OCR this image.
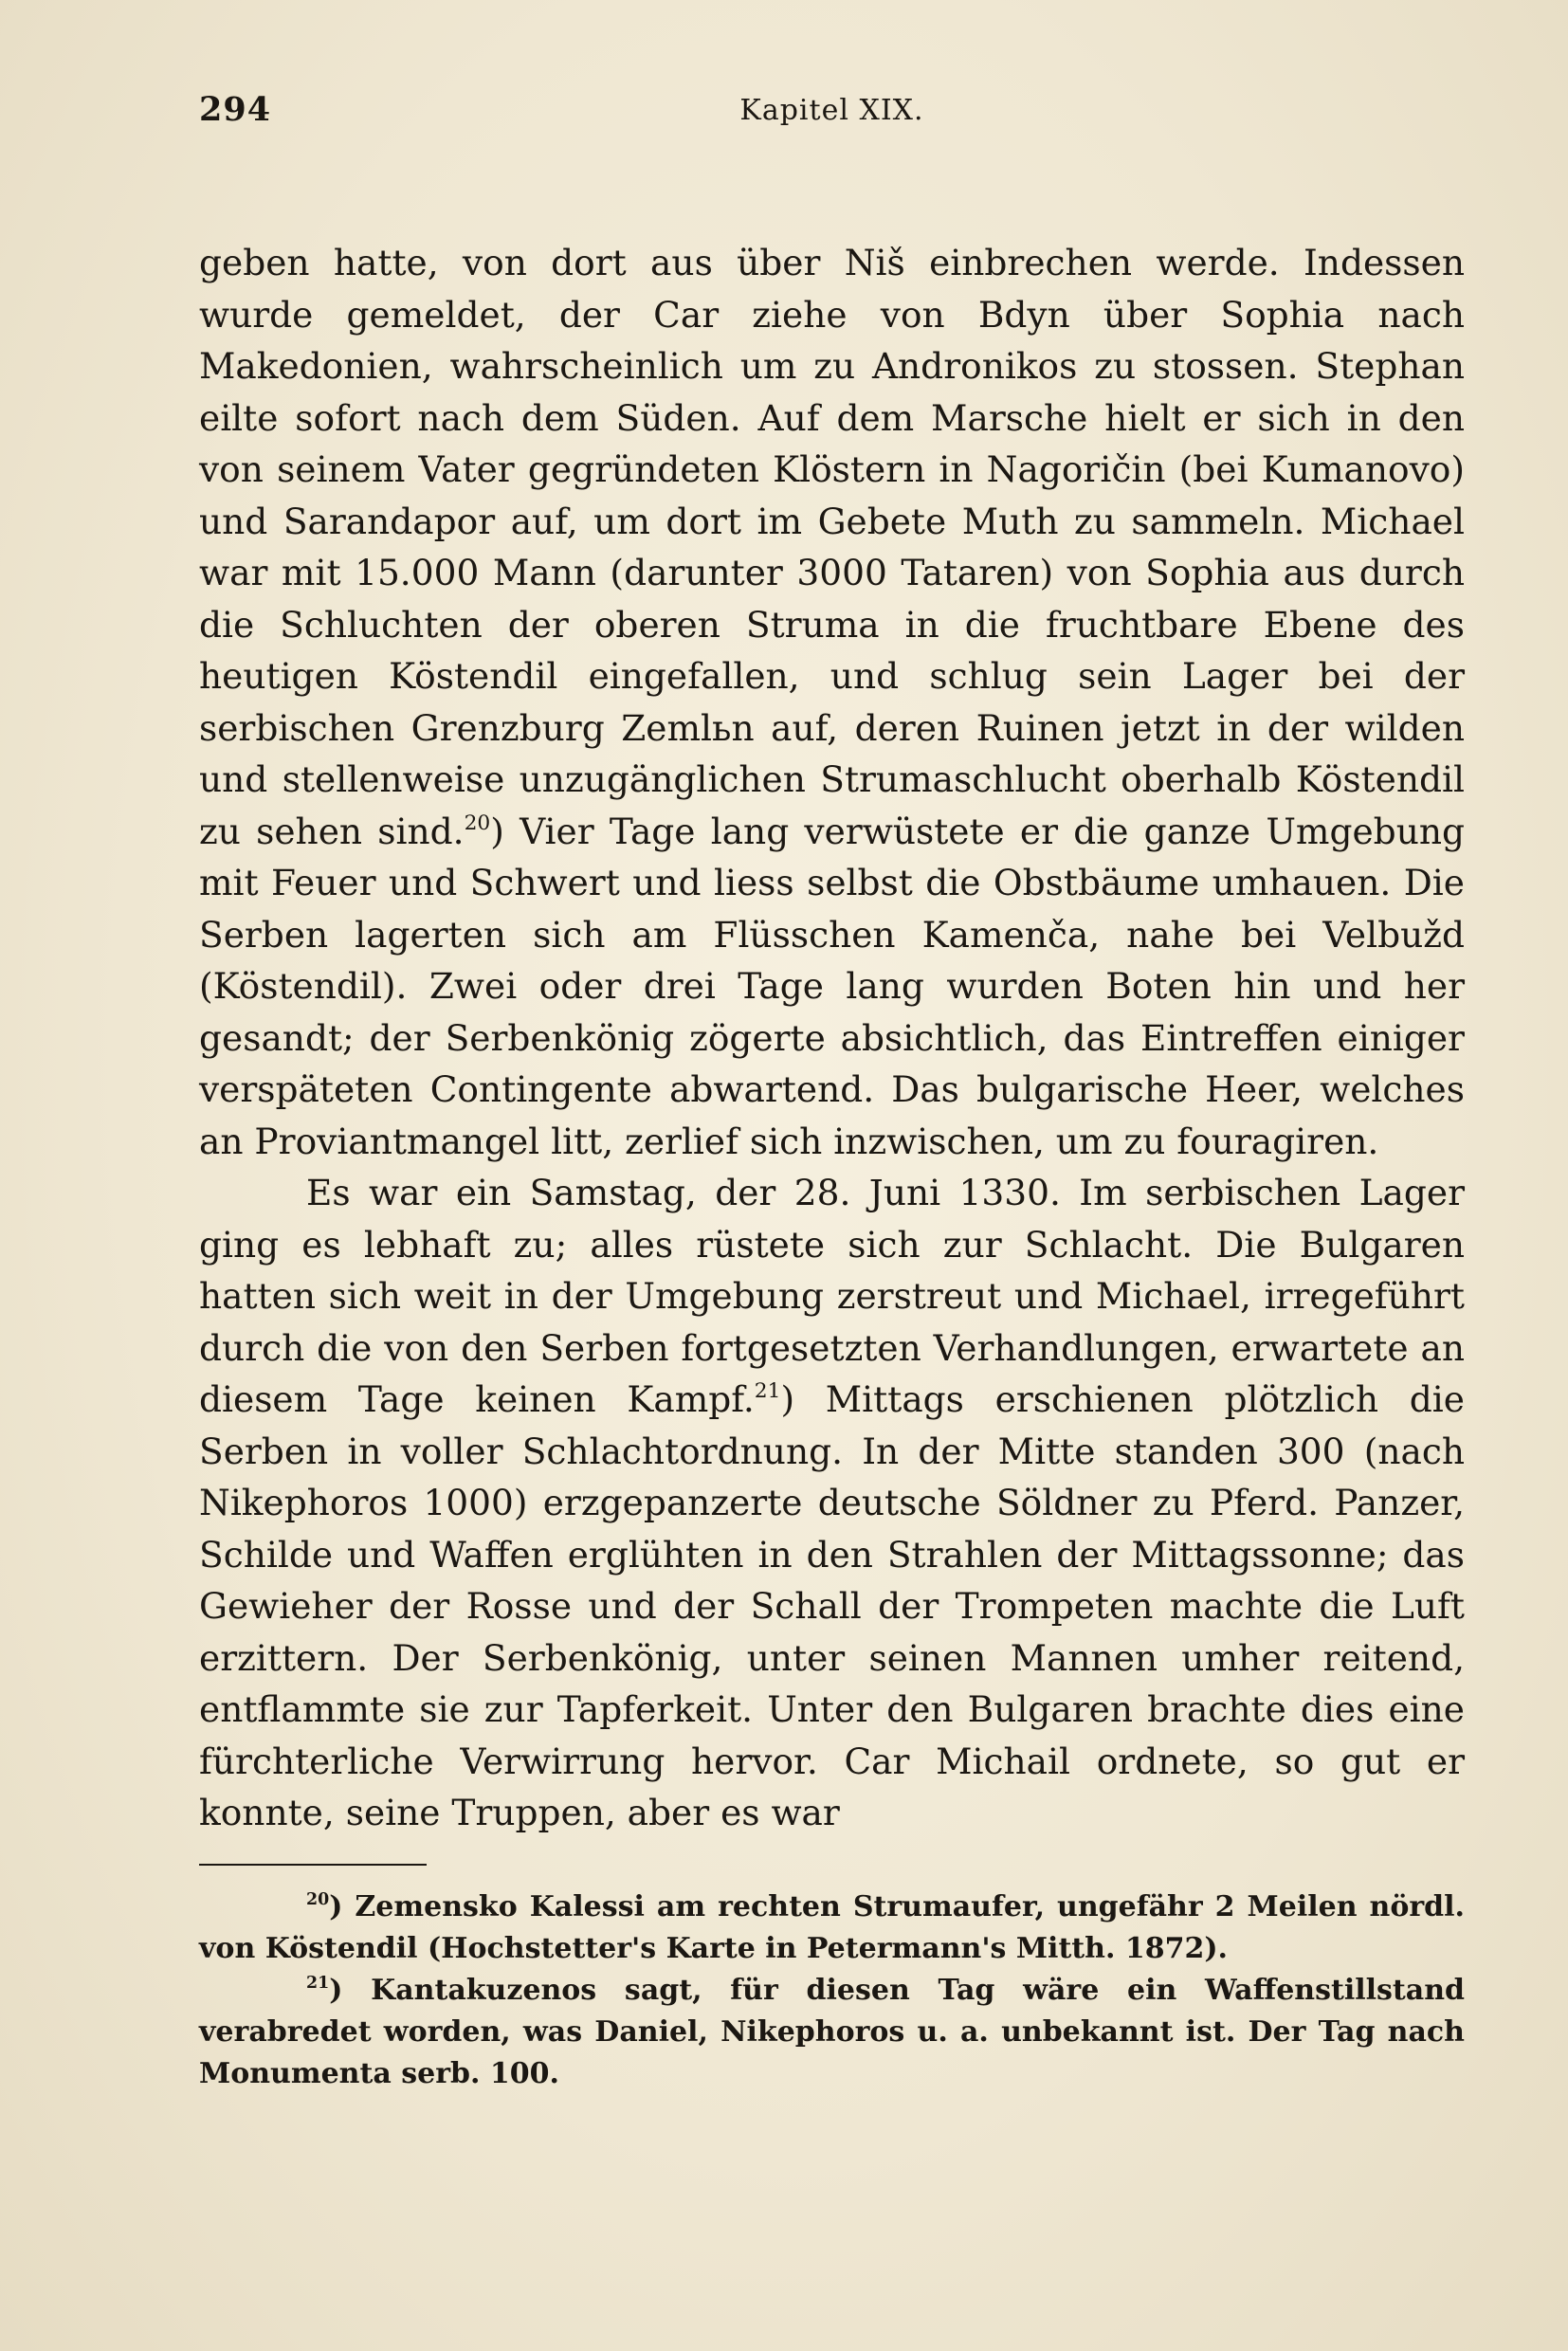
294	Kapitel XIX.

geben hatte, von dort aus über Niš einbrechen werde. Indessen wurde gemeldet, der Car ziehe von Bdyn über Sophia nach Makedonien, wahrscheinlich um zu Andronikos zu stossen. Stephan eilte sofort nach dem Süden. Auf dem Marsche hielt er sich in den von seinem Vater gegründeten Klöstern in Nagoričin (bei Kumanovo) und Sarandapor auf, um dort im Gebete Muth zu sammeln. Michael war mit 15.000 Mann (darunter 3000 Tataren) von Sophia aus durch die Schluchten der oberen Struma in die fruchtbare Ebene des heutigen Köstendil eingefallen, und schlug sein Lager bei der serbischen Grenzburg Zemlьn auf, deren Ruinen jetzt in der wilden und stellenweise unzugänglichen Strumaschlucht oberhalb Köstendil zu sehen sind.$^{20}$) Vier Tage lang verwüstete er die ganze Umgebung mit Feuer und Schwert und liess selbst die Obstbäume umhauen. Die Serben lagerten sich am Flüsschen Kamenča, nahe bei Velbužd (Köstendil). Zwei oder drei Tage lang wurden Boten hin und her gesandt; der Serbenkönig zögerte absichtlich, das Eintreffen einiger verspäteten Contingente abwartend. Das bulgarische Heer, welches an Proviantmangel litt, zerlief sich inzwischen, um zu fouragiren.

Es war ein Samstag, der 28. Juni 1330. Im serbischen Lager ging es lebhaft zu; alles rüstete sich zur Schlacht. Die Bulgaren hatten sich weit in der Umgebung zerstreut und Michael, irregeführt durch die von den Serben fortgesetzten Verhandlungen, erwartete an diesem Tage keinen Kampf.$^{21}$) Mittags erschienen plötzlich die Serben in voller Schlachtordnung. In der Mitte standen 300 (nach Nikephoros 1000) erzgepanzerte deutsche Söldner zu Pferd. Panzer, Schilde und Waffen erglühten in den Strahlen der Mittagssonne; das Gewieher der Rosse und der Schall der Trompeten machte die Luft erzittern. Der Serbenkönig, unter seinen Mannen umher reitend, entflammte sie zur Tapferkeit. Unter den Bulgaren brachte dies eine fürchterliche Verwirrung hervor. Car Michail ordnete, so gut er konnte, seine Truppen, aber es war

$^{20}$) Zemensko Kalessi am rechten Strumaufer, ungefähr 2 Meilen nördl. von Köstendil (Hochstetter's Karte in Petermann's Mitth. 1872).

$^{21}$) Kantakuzenos sagt, für diesen Tag wäre ein Waffenstillstand verabredet worden, was Daniel, Nikephoros u. a. unbekannt ist. Der Tag nach Monumenta serb. 100.
